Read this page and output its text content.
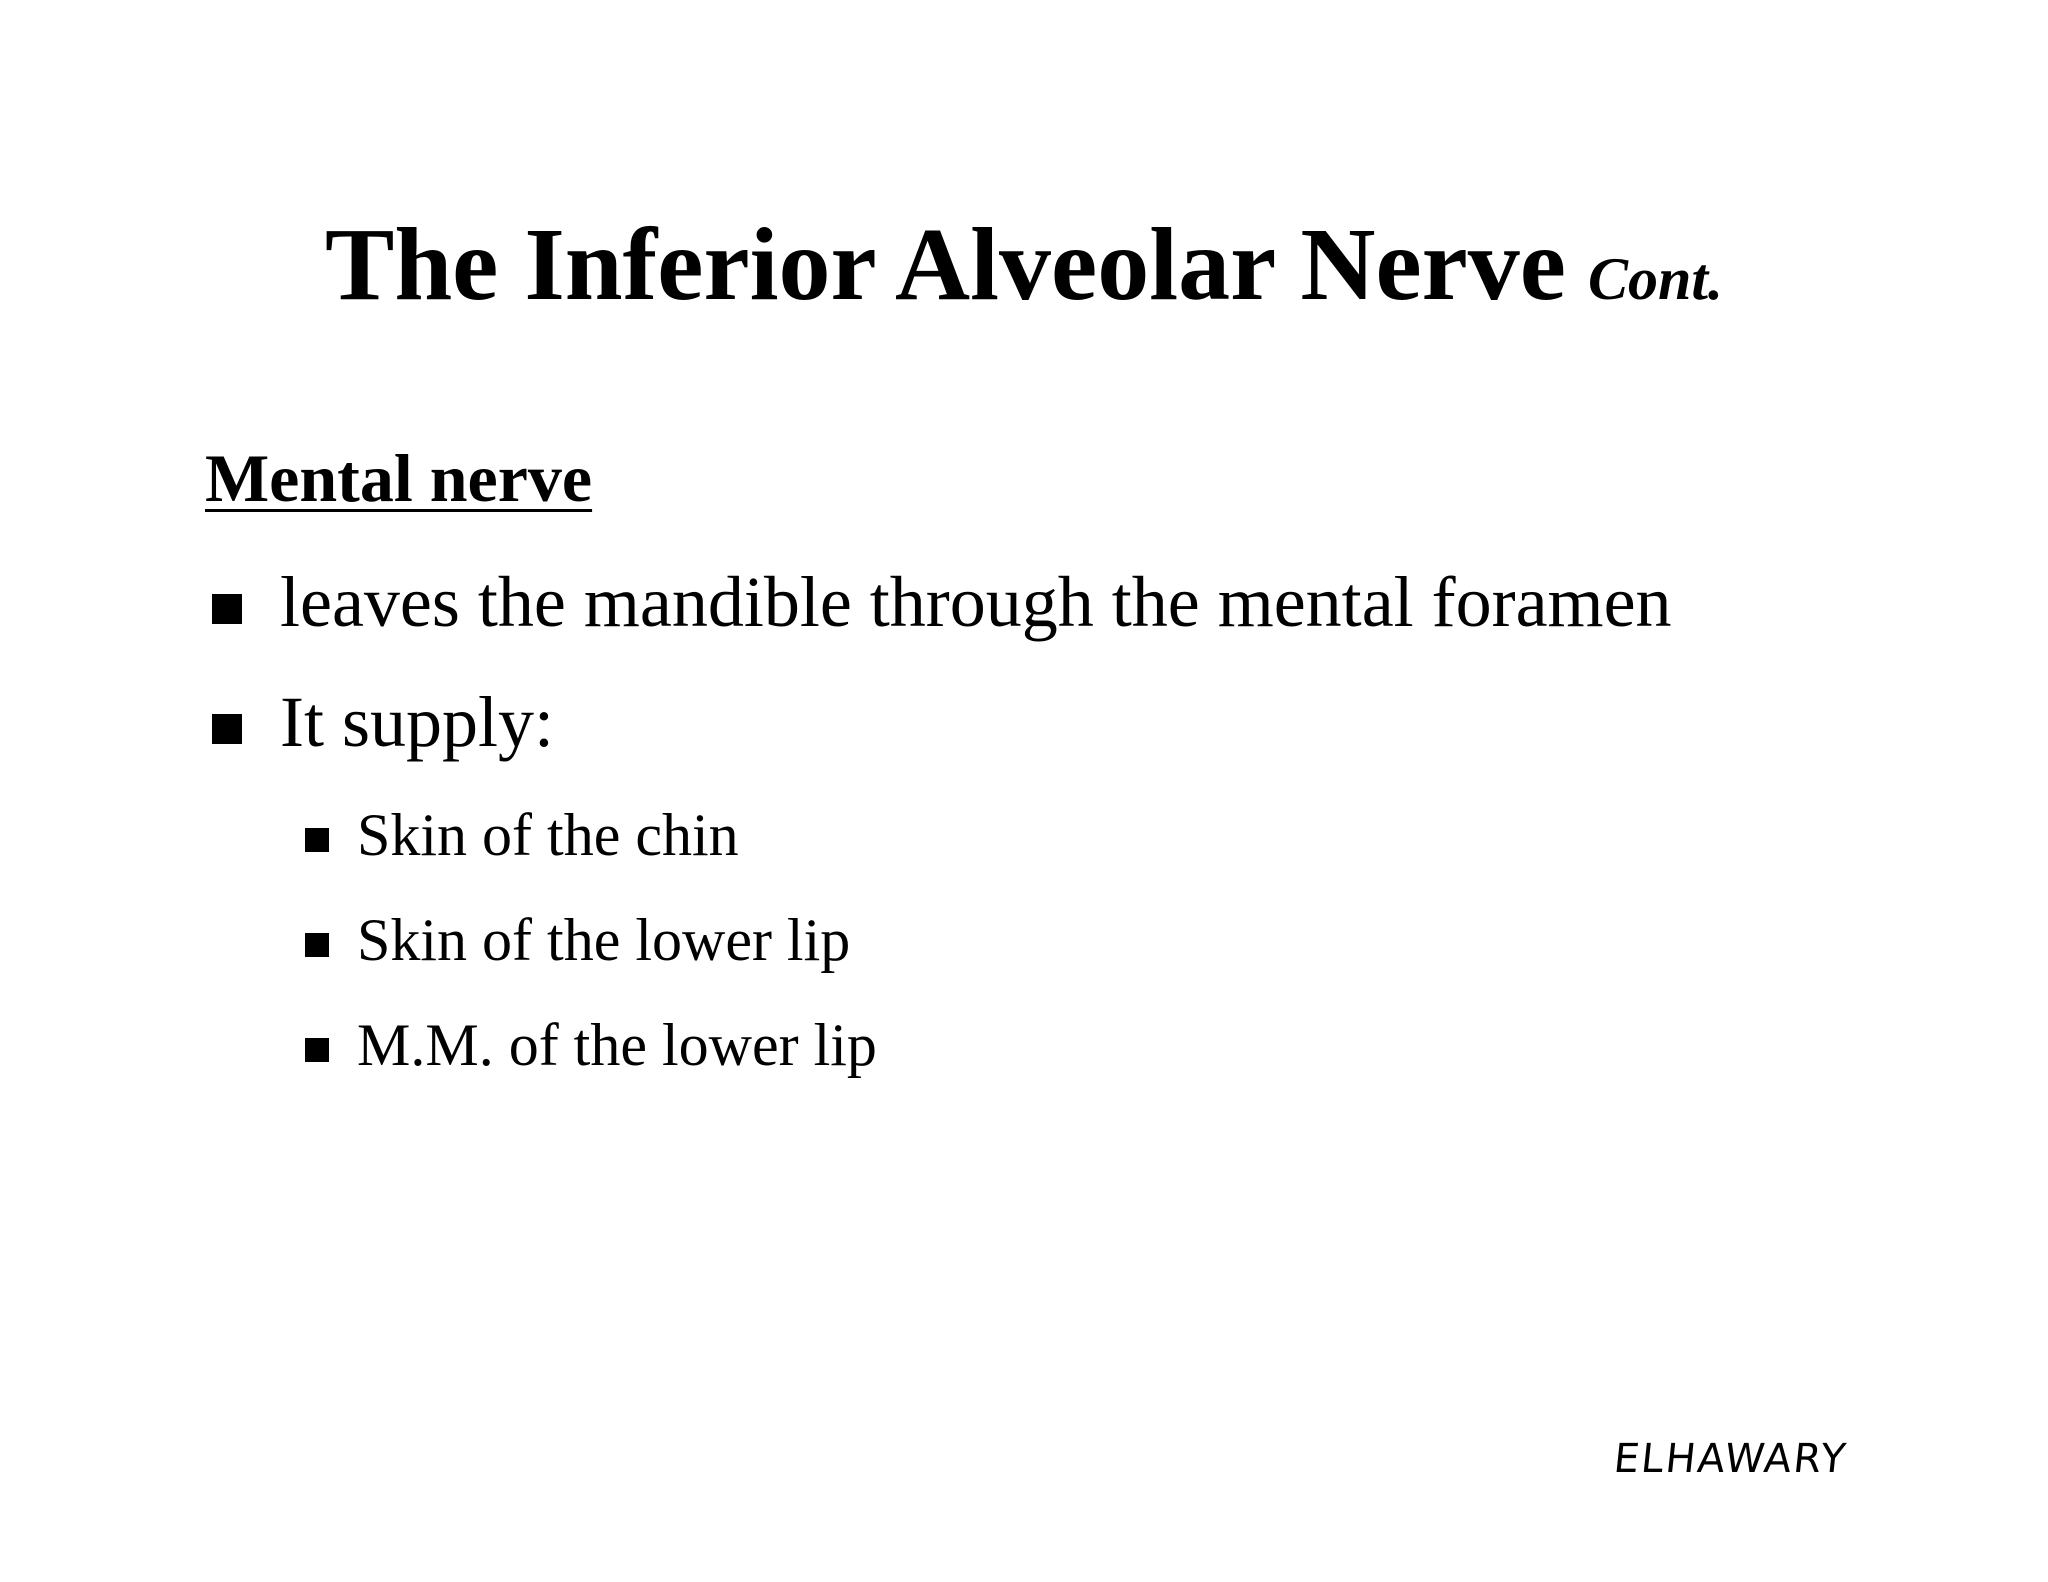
The Inferior Alveolar Nerve Cont.
Mental nerve
leaves the mandible through the mental foramen
It supply:
Skin of the chin
Skin of the lower lip
M.M. of the lower lip
ELHAWARY
